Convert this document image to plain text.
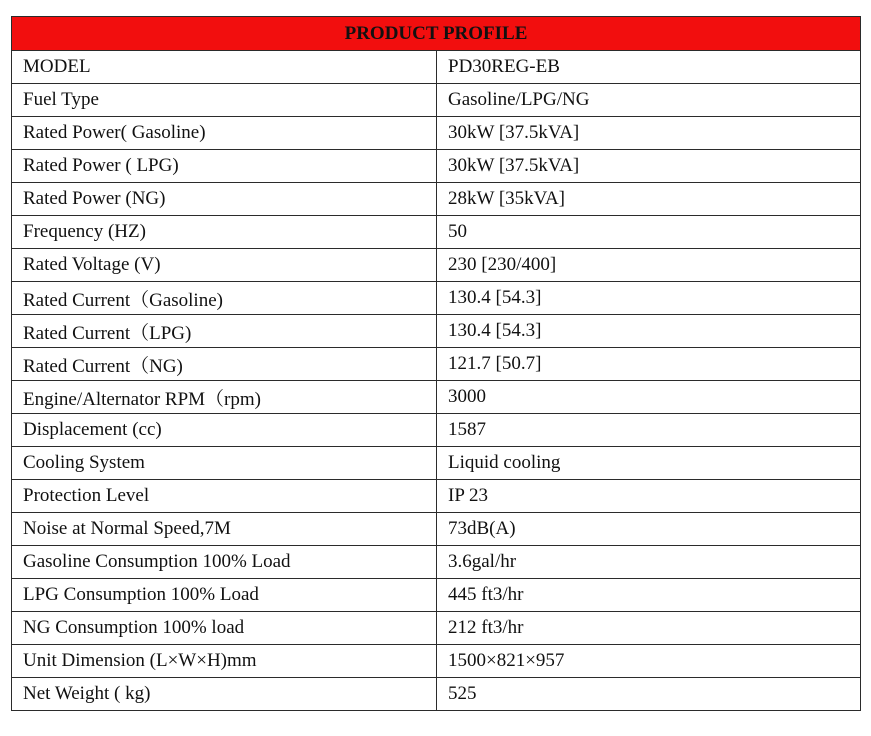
PRODUCT PROFILE	
MODEL	PD30REG-EB
Fuel Type	Gasoline/LPG/NG
Rated Power( Gasoline)	30kW [37.5kVA]
Rated Power ( LPG)	30kW [37.5kVA]
Rated Power (NG)	28kW [35kVA]
Frequency (HZ)	50
Rated Voltage (V)	230 [230/400]
Rated Current（Gasoline)	130.4 [54.3]
Rated Current（LPG)	130.4 [54.3]
Rated Current（NG)	121.7 [50.7]
Engine/Alternator RPM（rpm)	3000
Displacement (cc)	1587
Cooling System	Liquid cooling
Protection Level	IP 23
Noise at Normal Speed,7M	73dB(A)
Gasoline Consumption 100% Load	3.6gal/hr
LPG Consumption 100% Load	445 ft3/hr
NG Consumption 100% load	212 ft3/hr
Unit Dimension (L×W×H)mm	1500×821×957
Net Weight ( kg)	525
